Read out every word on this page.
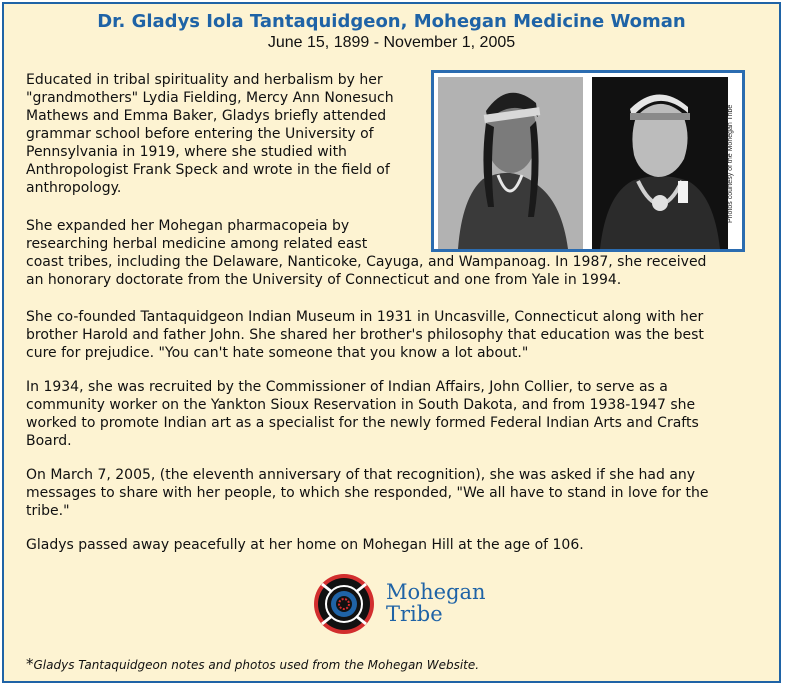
Dr. Gladys Iola Tantaquidgeon, Mohegan Medicine Woman
June 15, 1899 - November 1, 2005
Photos courtesy of the Mohegan Tribe

Educated in tribal spirituality and herbalism by her

"grandmothers" Lydia Fielding, Mercy Ann Nonesuch

Mathews and Emma Baker, Gladys briefly attended

grammar school before entering the University of

Pennsylvania in 1919, where she studied with

Anthropologist Frank Speck and wrote in the field of

anthropology.

She expanded her Mohegan pharmacopeia by

researching herbal medicine among related east

coast tribes, including the Delaware, Nanticoke, Cayuga, and Wampanoag. In 1987, she received

an honorary doctorate from the University of Connecticut and one from Yale in 1994.

She co-founded Tantaquidgeon Indian Museum in 1931 in Uncasville, Connecticut along with her

brother Harold and father John. She shared her brother's philosophy that education was the best

cure for prejudice. "You can't hate someone that you know a lot about."

In 1934, she was recruited by the Commissioner of Indian Affairs, John Collier, to serve as a

community worker on the Yankton Sioux Reservation in South Dakota, and from 1938-1947 she

worked to promote Indian art as a specialist for the newly formed Federal Indian Arts and Crafts

Board.

On March 7, 2005, (the eleventh anniversary of that recognition), she was asked if she had any

messages to share with her people, to which she responded, "We all have to stand in love for the

tribe."

Gladys passed away peacefully at her home on Mohegan Hill at the age of 106.

Mohegan
Tribe
*Gladys Tantaquidgeon notes and photos used from the Mohegan Website.
